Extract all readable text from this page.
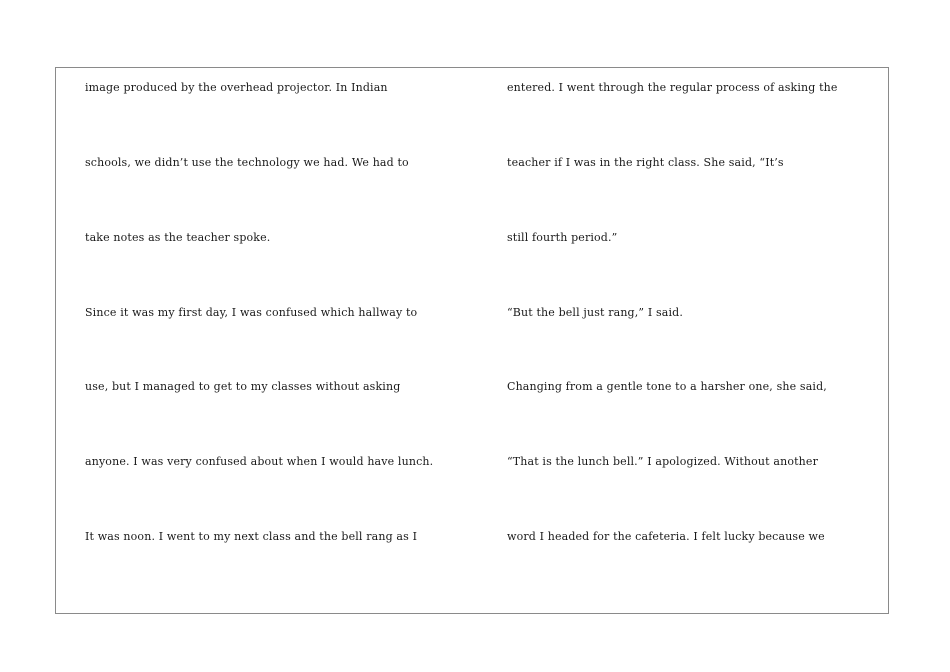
image produced by the overhead projector. In Indian
schools, we didn’t use the technology we had. We had to
take notes as the teacher spoke.
Since it was my first day, I was confused which hallway to
use, but I managed to get to my classes without asking
anyone. I was very confused about when I would have lunch.
It was noon. I went to my next class and the bell rang as I
entered. I went through the regular process of asking the
teacher if I was in the right class. She said, “It’s
still fourth period.”
“But the bell just rang,” I said.
Changing from a gentle tone to a harsher one, she said,
“That is the lunch bell.” I apologized. Without another
word I headed for the cafeteria. I felt lucky because we
